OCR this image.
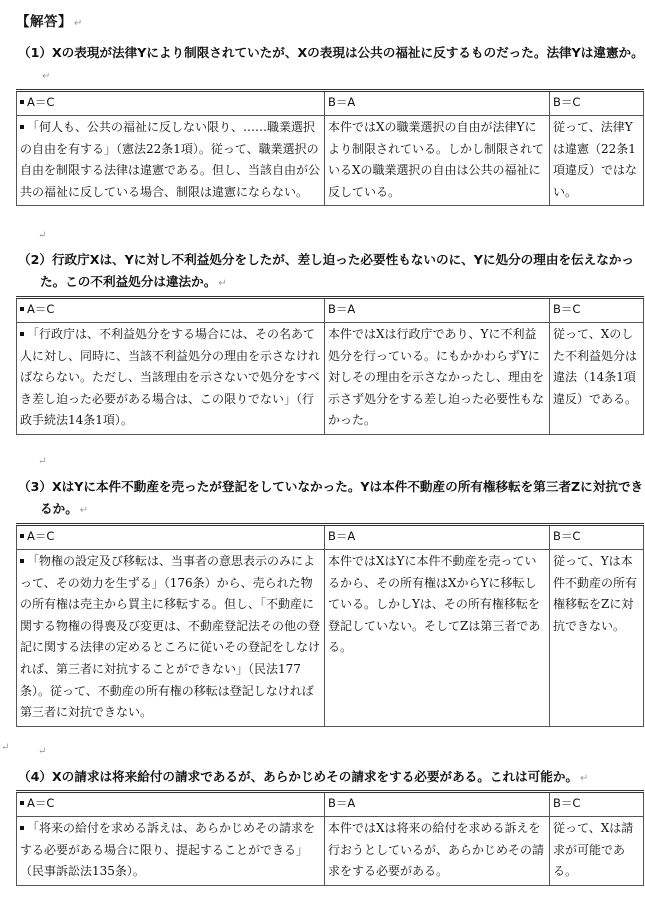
【解答】 ↵
（1）Xの表現が法律Yにより制限されていたが、Xの表現は公共の福祉に反するものだった。法律Yは違憲か。↵
A＝C	B＝A	B＝C
「何人も、公共の福祉に反しない限り、……職業選択の自由を有する」（憲法22条1項）。従って、職業選択の自由を制限する法律は違憲である。但し、当該自由が公共の福祉に反している場合、制限は違憲にならない。	本件ではXの職業選択の自由が法律Yにより制限されている。しかし制限されているXの職業選択の自由は公共の福祉に反している。	従って、法律Yは違憲（22条1項違反）ではない。
（2）行政庁Xは、Yに対し不利益処分をしたが、差し迫った必要性もないのに、Yに処分の理由を伝えなかった。この不利益処分は違法か。 ↵
A＝C	B＝A	B＝C
「行政庁は、不利益処分をする場合には、その名あて人に対し、同時に、当該不利益処分の理由を示さなければならない。ただし、当該理由を示さないで処分をすべき差し迫った必要がある場合は、この限りでない」（行政手続法14条1項）。	本件ではXは行政庁であり、Yに不利益処分を行っている。にもかかわらずYに対しその理由を示さなかったし、理由を示さず処分をする差し迫った必要性もなかった。	従って、Xのした不利益処分は違法（14条1項違反）である。
（3）XはYに本件不動産を売ったが登記をしていなかった。Yは本件不動産の所有権移転を第三者Zに対抗できるか。 ↵
A＝C	B＝A	B＝C
「物権の設定及び移転は、当事者の意思表示のみによって、その効力を生ずる」（176条）から、売られた物の所有権は売主から買主に移転する。但し、「不動産に関する物権の得喪及び変更は、不動産登記法その他の登記に関する法律の定めるところに従いその登記をしなければ、第三者に対抗することができない」（民法177条）。従って、不動産の所有権の移転は登記しなければ第三者に対抗できない。	本件ではXはYに本件不動産を売っているから、その所有権はXからYに移転している。しかしYは、その所有権移転を登記していない。そしてZは第三者である。	従って、Yは本件不動産の所有権移転をZに対抗できない。
（4）Xの請求は将来給付の請求であるが、あらかじめその請求をする必要がある。これは可能か。 ↵
A＝C	B＝A	B＝C
「将来の給付を求める訴えは、あらかじめその請求をする必要がある場合に限り、提起することができる」（民事訴訟法135条）。	本件ではXは将来の給付を求める訴えを行おうとしているが、あらかじめその請求をする必要がある。	従って、Xは請求が可能である。
↵
↵
↵
↵
